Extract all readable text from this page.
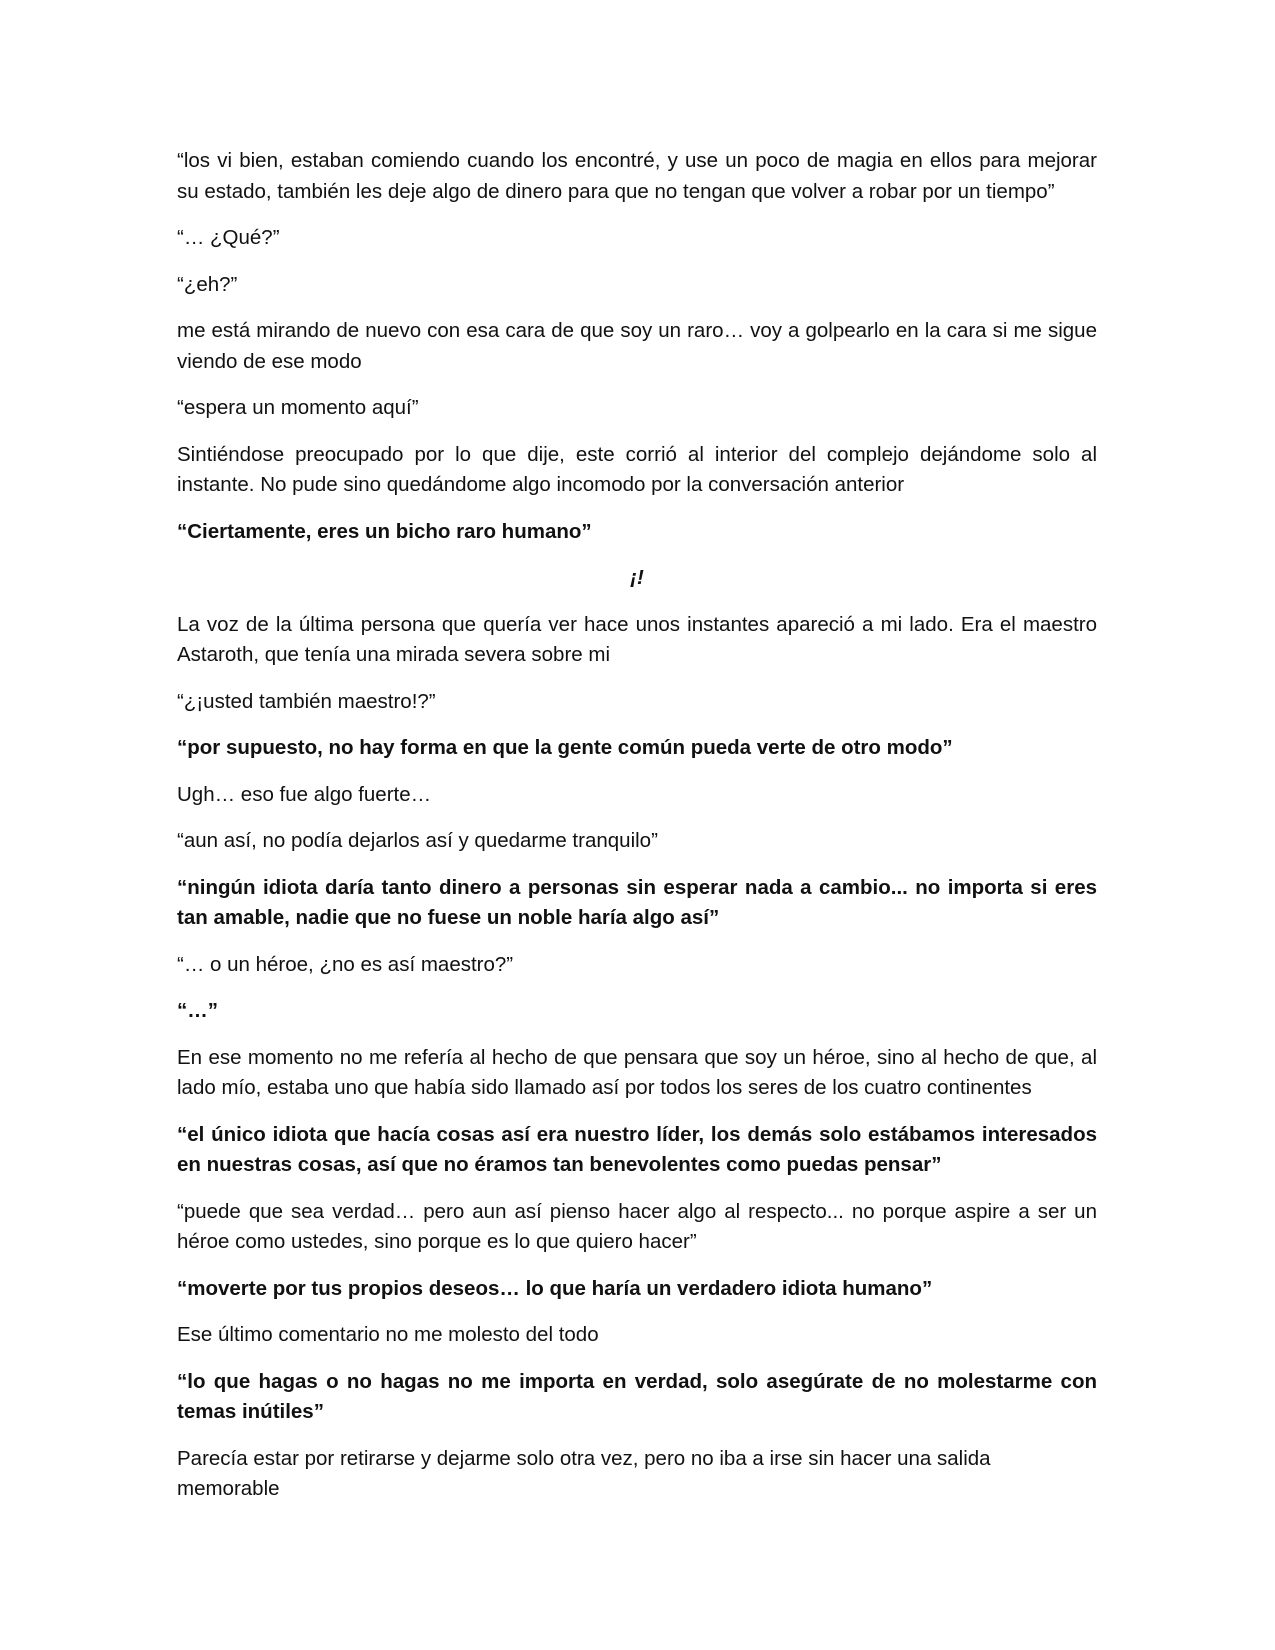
“los vi bien, estaban comiendo cuando los encontré, y use un poco de magia en ellos para mejorar su estado, también les deje algo de dinero para que no tengan que volver a robar por un tiempo”

“… ¿Qué?”

“¿eh?”

me está mirando de nuevo con esa cara de que soy un raro… voy a golpearlo en la cara si me sigue viendo de ese modo

“espera un momento aquí”

Sintiéndose preocupado por lo que dije, este corrió al interior del complejo dejándome solo al instante. No pude sino quedándome algo incomodo por la conversación anterior

“Ciertamente, eres un bicho raro humano”

¡!

La voz de la última persona que quería ver hace unos instantes apareció a mi lado. Era el maestro Astaroth, que tenía una mirada severa sobre mi

“¿¡usted también maestro!?”

“por supuesto, no hay forma en que la gente común pueda verte de otro modo”

Ugh… eso fue algo fuerte…

“aun así, no podía dejarlos así y quedarme tranquilo”

“ningún idiota daría tanto dinero a personas sin esperar nada a cambio... no importa si eres tan amable, nadie que no fuese un noble haría algo así”

“… o un héroe, ¿no es así maestro?”

“…”

En ese momento no me refería al hecho de que pensara que soy un héroe, sino al hecho de que, al lado mío, estaba uno que había sido llamado así por todos los seres de los cuatro continentes

“el único idiota que hacía cosas así era nuestro líder, los demás solo estábamos interesados en nuestras cosas, así que no éramos tan benevolentes como puedas pensar”

“puede que sea verdad… pero aun así pienso hacer algo al respecto... no porque aspire a ser un héroe como ustedes, sino porque es lo que quiero hacer”

“moverte por tus propios deseos… lo que haría un verdadero idiota humano”

Ese último comentario no me molesto del todo

“lo que hagas o no hagas no me importa en verdad, solo asegúrate de no molestarme con temas inútiles”

Parecía estar por retirarse y dejarme solo otra vez, pero no iba a irse sin hacer una salida memorable
